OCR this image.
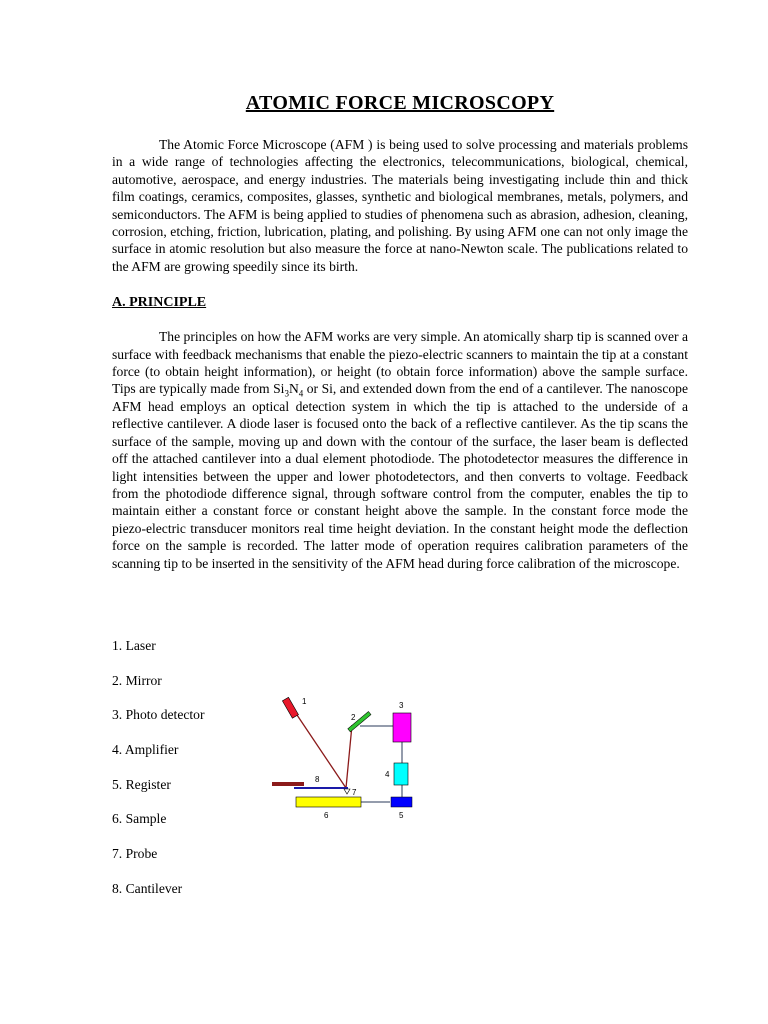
ATOMIC FORCE MICROSCOPY

The Atomic Force Microscope (AFM ) is being used to solve processing and materials problems in a wide range of technologies affecting the electronics, telecommunications, biological, chemical, automotive, aerospace, and energy industries. The materials being investigating include thin and thick film coatings, ceramics, composites, glasses, synthetic and biological membranes, metals, polymers, and semiconductors. The AFM is being applied to studies of phenomena such as abrasion, adhesion, cleaning, corrosion, etching, friction, lubrication, plating, and polishing. By using AFM one can not only image the surface in atomic resolution but also measure the force at nano-Newton scale. The publications related to the AFM are growing speedily since its birth.

A. PRINCIPLE

The principles on how the AFM works are very simple. An atomically sharp tip is scanned over a surface with feedback mechanisms that enable the piezo-electric scanners to maintain the tip at a constant force (to obtain height information), or height (to obtain force information) above the sample surface. Tips are typically made from $Si_3N_4$ or Si, and extended down from the end of a cantilever. The nanoscope AFM head employs an optical detection system in which the tip is attached to the underside of a reflective cantilever. A diode laser is focused onto the back of a reflective cantilever. As the tip scans the surface of the sample, moving up and down with the contour of the surface, the laser beam is deflected off the attached cantilever into a dual element photodiode. The photodetector measures the difference in light intensities between the upper and lower photodetectors, and then converts to voltage. Feedback from the photodiode difference signal, through software control from the computer, enables the tip to maintain either a constant force or constant height above the sample. In the constant force mode the piezo-electric transducer monitors real time height deviation. In the constant height mode the deflection force on the sample is recorded. The latter mode of operation requires calibration parameters of the scanning tip to be inserted in the sensitivity of the AFM head during force calibration of the microscope.

1. Laser
2. Mirror
3. Photo detector
4. Amplifier
5. Register
6. Sample
7. Probe
8. Cantilever
1
2
3
4
5
6
7
8
